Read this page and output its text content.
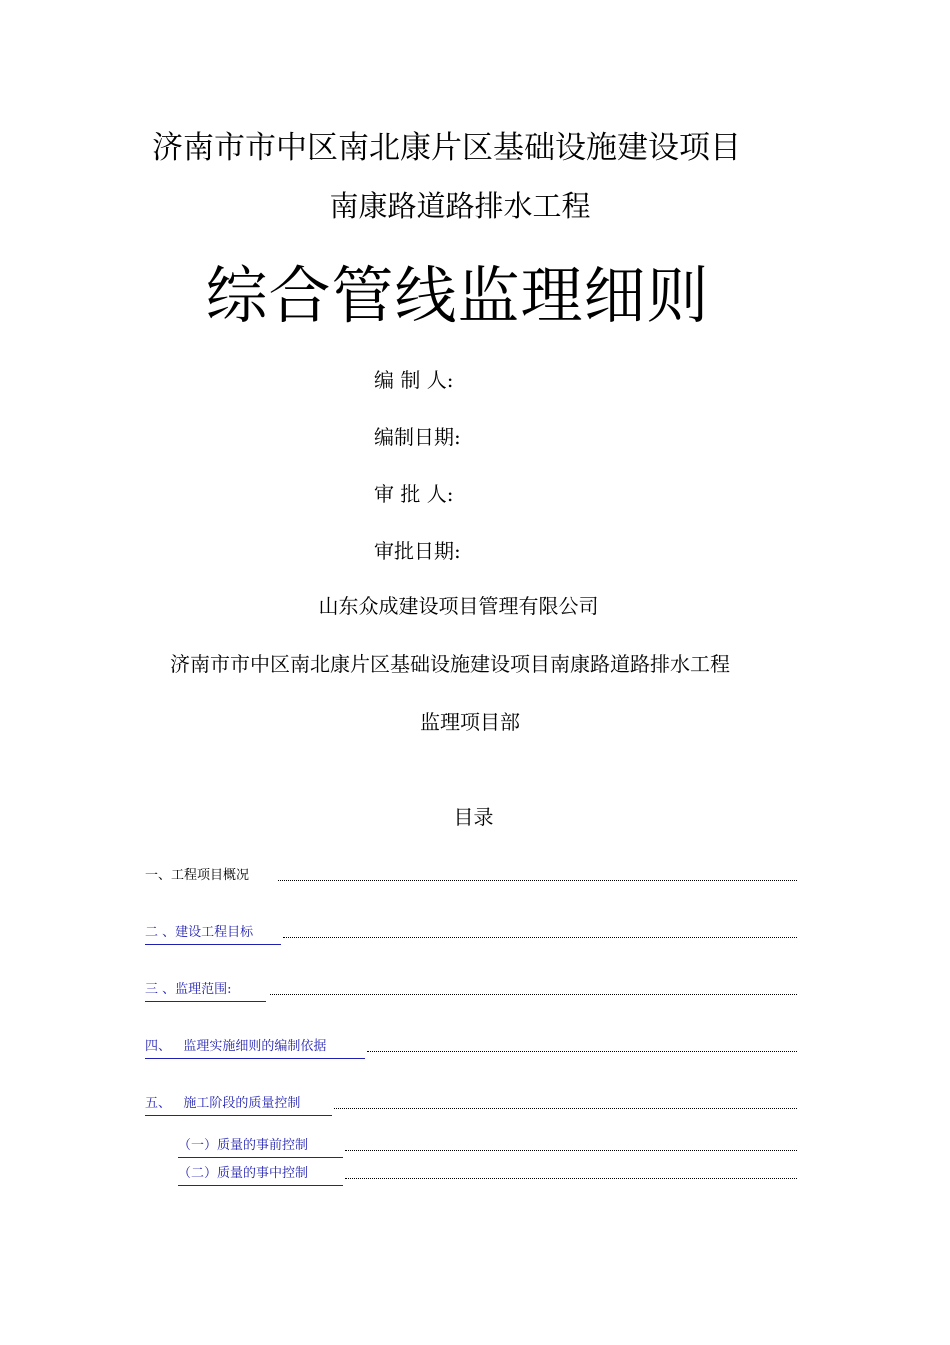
济南市市中区南北康片区基础设施建设项目
南康路道路排水工程
综合管线监理细则
编 制 人:
编制日期:
审 批 人:
审批日期:
山东众成建设项目管理有限公司
济南市市中区南北康片区基础设施建设项目南康路道路排水工程
监理项目部
目录
一、工程项目概况
二 、建设工程目标
三 、监理范围:
四、   监理实施细则的编制依据
五、   施工阶段的质量控制
（一）质量的事前控制
（二）质量的事中控制
